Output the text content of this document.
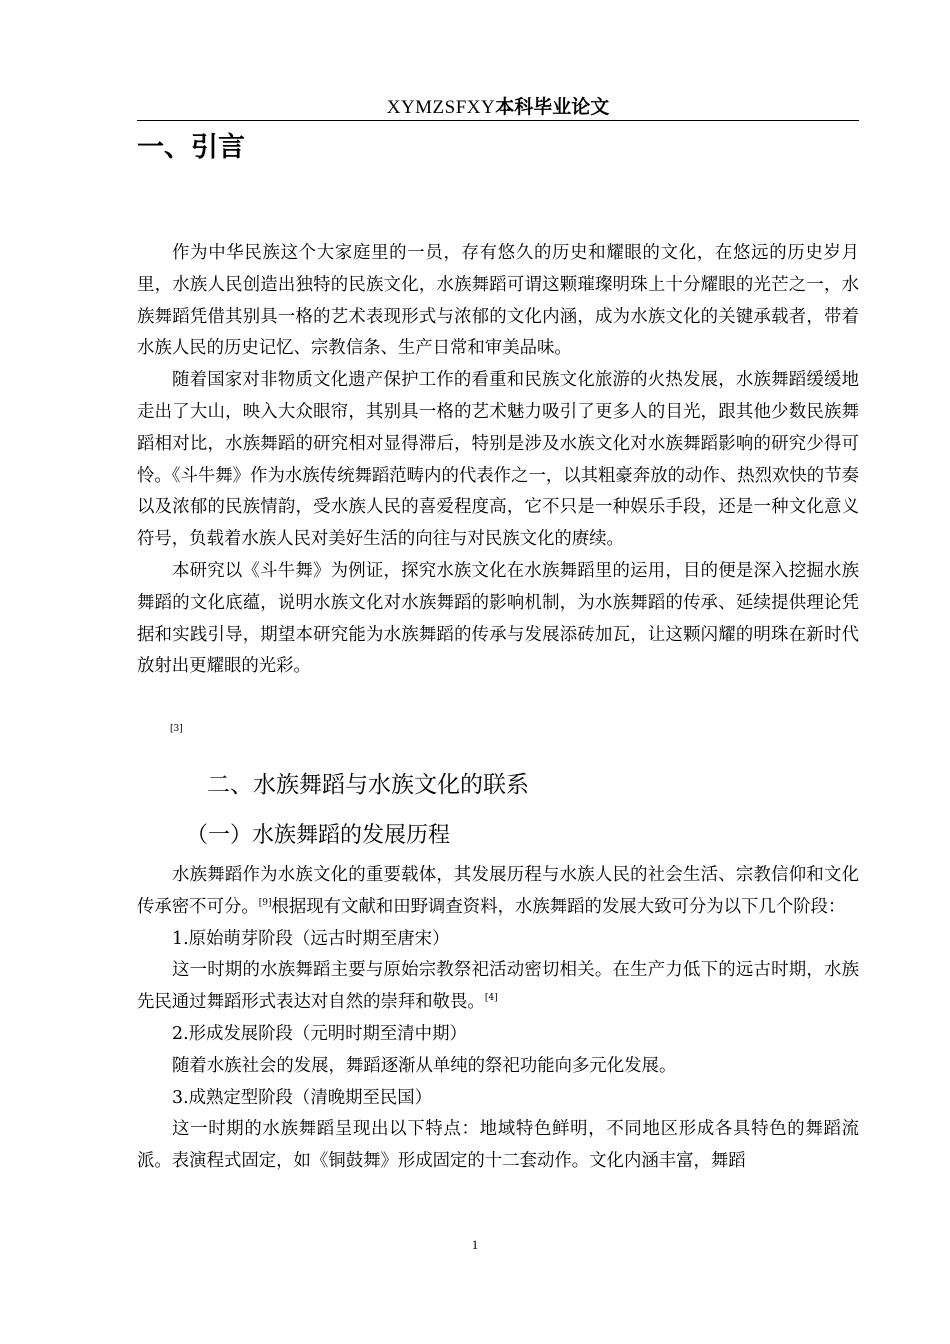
XYMZSFXY本科毕业论文
一、引言

作为中华民族这个大家庭里的一员，存有悠久的历史和耀眼的文化，在悠远的历史岁月里，水族人民创造出独特的民族文化，水族舞蹈可谓这颗璀璨明珠上十分耀眼的光芒之一，水族舞蹈凭借其别具一格的艺术表现形式与浓郁的文化内涵，成为水族文化的关键承载者，带着水族人民的历史记忆、宗教信条、生产日常和审美品味。

随着国家对非物质文化遗产保护工作的看重和民族文化旅游的火热发展，水族舞蹈缓缓地走出了大山，映入大众眼帘，其别具一格的艺术魅力吸引了更多人的目光，跟其他少数民族舞蹈相对比，水族舞蹈的研究相对显得滞后，特别是涉及水族文化对水族舞蹈影响的研究少得可怜。《斗牛舞》作为水族传统舞蹈范畴内的代表作之一，以其粗豪奔放的动作、热烈欢快的节奏以及浓郁的民族情韵，受水族人民的喜爱程度高，它不只是一种娱乐手段，还是一种文化意义符号，负载着水族人民对美好生活的向往与对民族文化的赓续。

本研究以《斗牛舞》为例证，探究水族文化在水族舞蹈里的运用，目的便是深入挖掘水族舞蹈的文化底蕴，说明水族文化对水族舞蹈的影响机制，为水族舞蹈的传承、延续提供理论凭据和实践引导，期望本研究能为水族舞蹈的传承与发展添砖加瓦，让这颗闪耀的明珠在新时代放射出更耀眼的光彩。

[3]
二、水族舞蹈与水族文化的联系
（一）水族舞蹈的发展历程

水族舞蹈作为水族文化的重要载体，其发展历程与水族人民的社会生活、宗教信仰和文化传承密不可分。[9]根据现有文献和田野调查资料，水族舞蹈的发展大致可分为以下几个阶段：

1.原始萌芽阶段（远古时期至唐宋）

这一时期的水族舞蹈主要与原始宗教祭祀活动密切相关。在生产力低下的远古时期，水族先民通过舞蹈形式表达对自然的崇拜和敬畏。[4]

2.形成发展阶段（元明时期至清中期）

随着水族社会的发展，舞蹈逐渐从单纯的祭祀功能向多元化发展。

3.成熟定型阶段（清晚期至民国）

这一时期的水族舞蹈呈现出以下特点：地域特色鲜明，不同地区形成各具特色的舞蹈流派。表演程式固定，如《铜鼓舞》形成固定的十二套动作。文化内涵丰富，舞蹈

1
